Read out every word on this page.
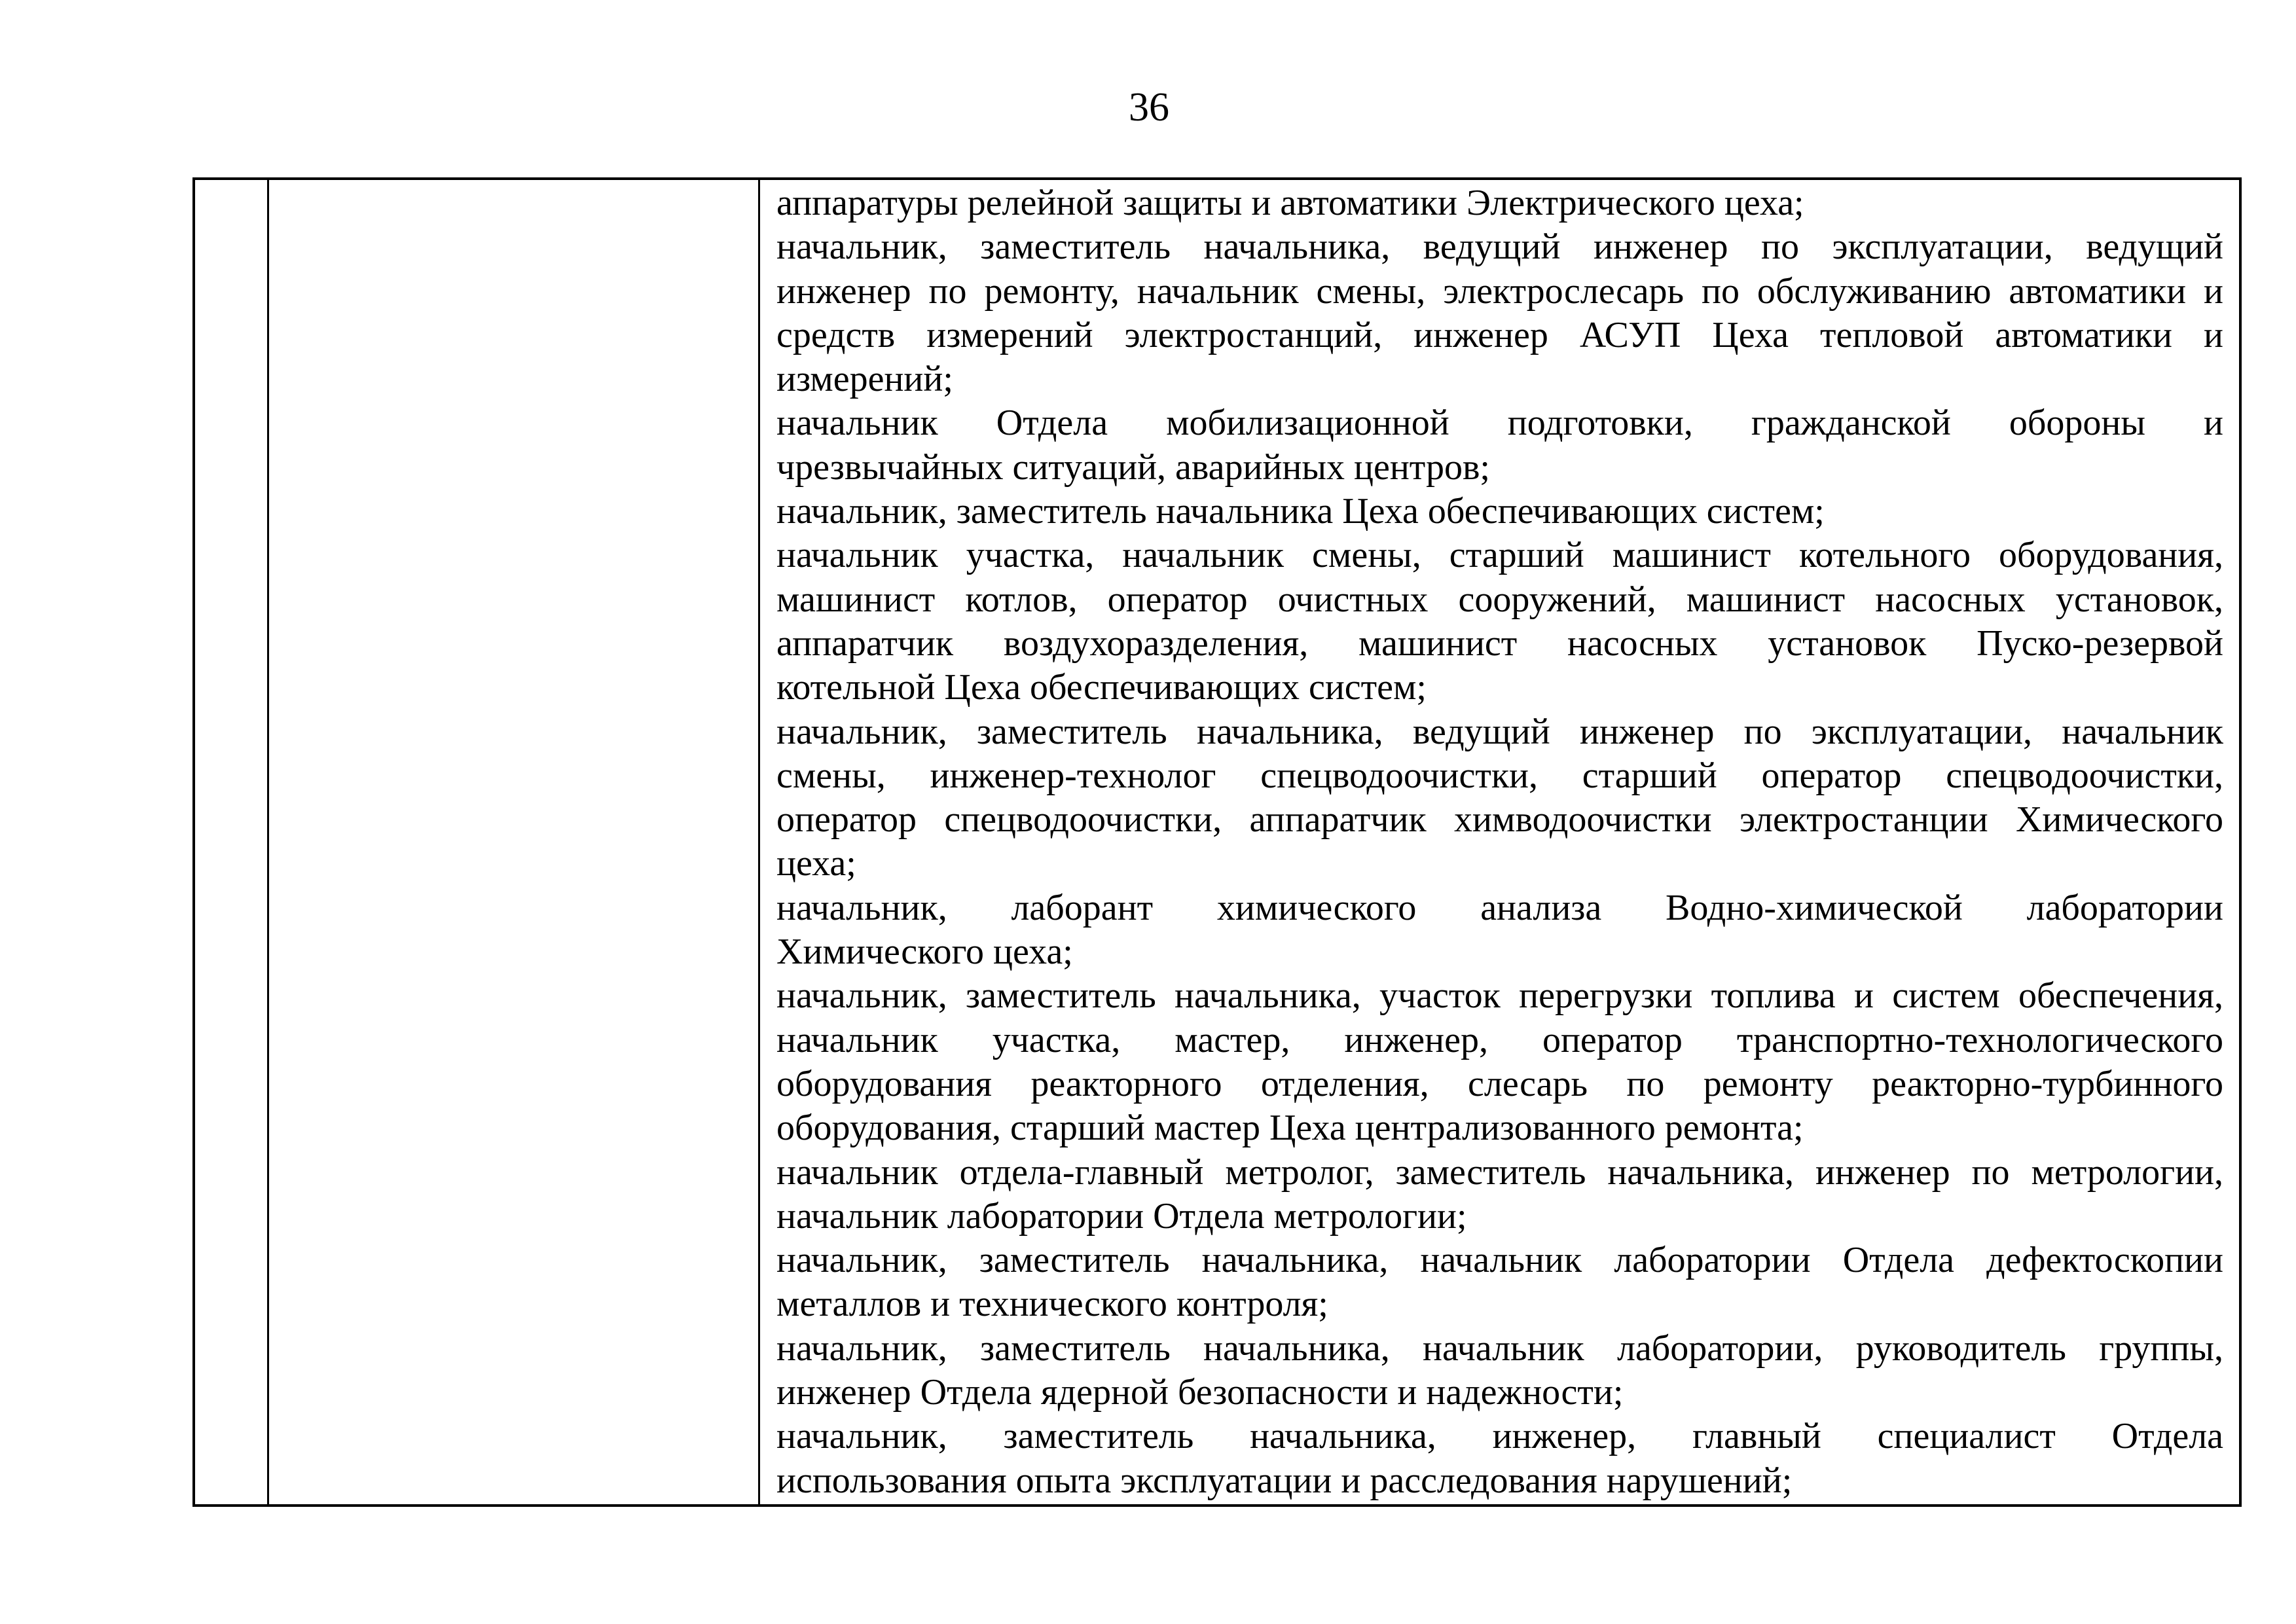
36
аппаратуры релейной защиты и автоматики Электрического цеха;
начальник, заместитель начальника, ведущий инженер по эксплуатации, ведущий
инженер по ремонту, начальник смены, электрослесарь по обслуживанию автоматики и
средств измерений электростанций, инженер АСУП Цеха тепловой автоматики и
измерений;
начальник Отдела мобилизационной подготовки, гражданской обороны и
чрезвычайных ситуаций, аварийных центров;
начальник, заместитель начальника Цеха обеспечивающих систем;
начальник участка, начальник смены, старший машинист котельного оборудования,
машинист котлов, оператор очистных сооружений, машинист насосных установок,
аппаратчик воздухоразделения, машинист насосных установок Пуско-резервой
котельной Цеха обеспечивающих систем;
начальник, заместитель начальника, ведущий инженер по эксплуатации, начальник
смены, инженер-технолог спецводоочистки, старший оператор спецводоочистки,
оператор спецводоочистки, аппаратчик химводоочистки электростанции Химического
цеха;
начальник, лаборант химического анализа Водно-химической лаборатории
Химического цеха;
начальник, заместитель начальника, участок перегрузки топлива и систем обеспечения,
начальник участка, мастер, инженер, оператор транспортно-технологического
оборудования реакторного отделения, слесарь по ремонту реакторно-турбинного
оборудования, старший мастер Цеха централизованного ремонта;
начальник отдела-главный метролог, заместитель начальника, инженер по метрологии,
начальник лаборатории Отдела метрологии;
начальник, заместитель начальника, начальник лаборатории Отдела дефектоскопии
металлов и технического контроля;
начальник, заместитель начальника, начальник лаборатории, руководитель группы,
инженер Отдела ядерной безопасности и надежности;
начальник, заместитель начальника, инженер, главный специалист Отдела
использования опыта эксплуатации и расследования нарушений;
